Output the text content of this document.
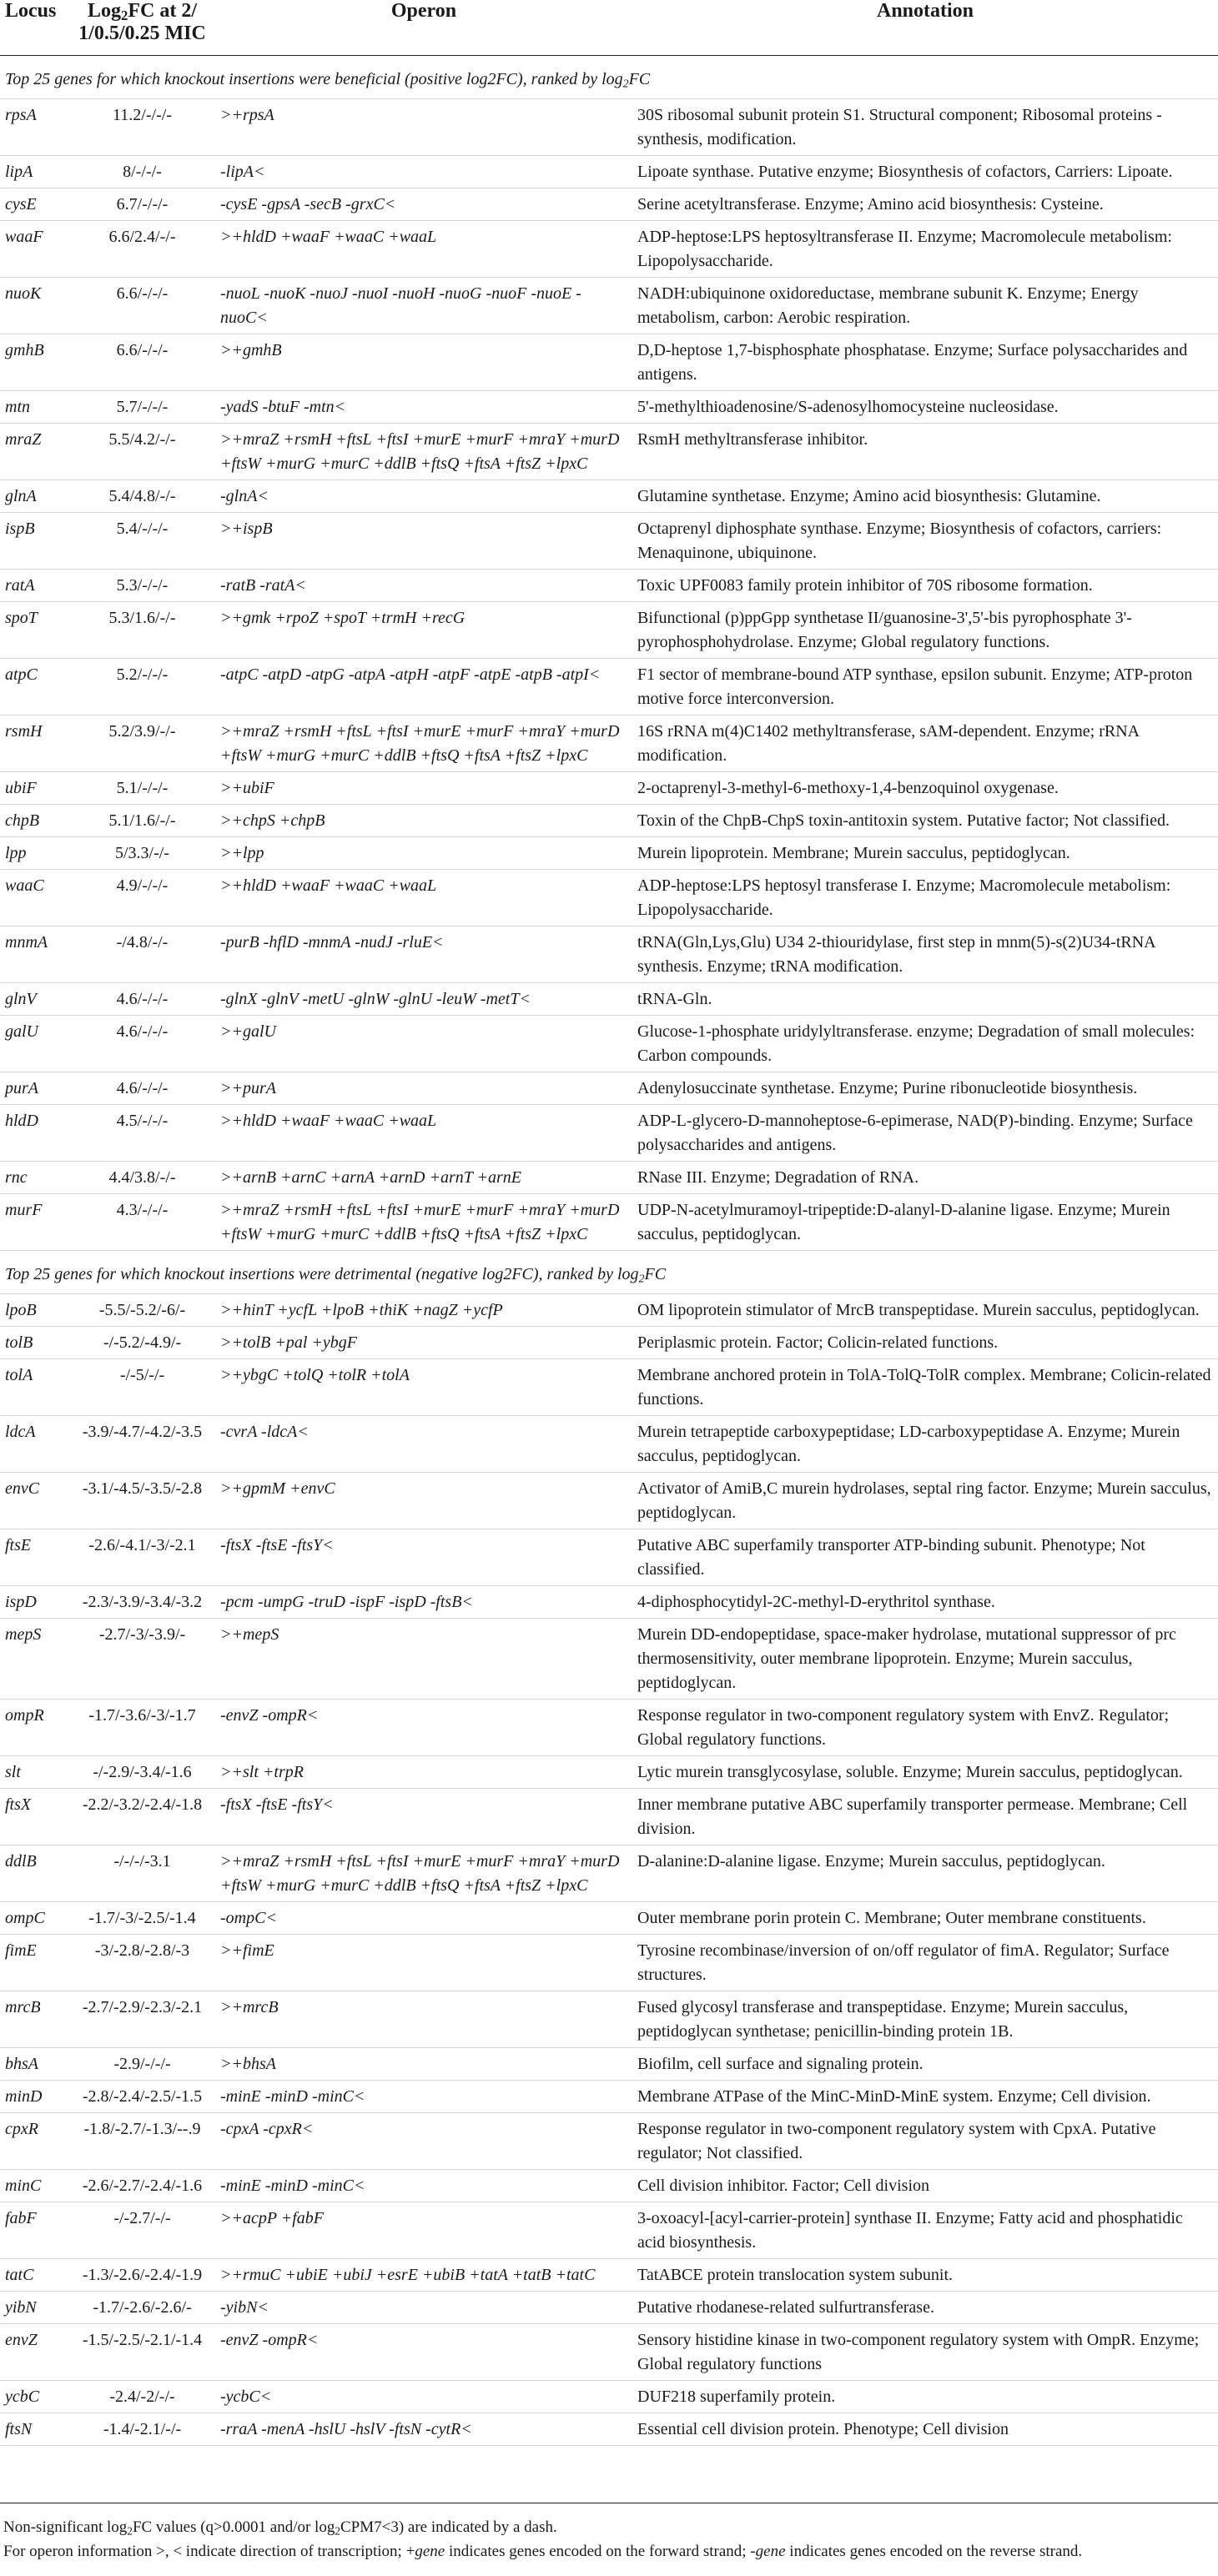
Locus	Log$_2$FC at 2/ 1/0.5/0.25 MIC	Operon	Annotation
Top 25 genes for which knockout insertions were beneficial (positive log2FC), ranked by $\log_2FC$			
rpsA	11.2/-/-/-	>+rpsA	30S ribosomal subunit protein S1. Structural component; Ribosomal proteins - synthesis, modification.
lipA	8/-/-/-	-lipA<	Lipoate synthase. Putative enzyme; Biosynthesis of cofactors, Carriers: Lipoate.
cysE	6.7/-/-/-	-cysE -gpsA -secB -grxC<	Serine acetyltransferase. Enzyme; Amino acid biosynthesis: Cysteine.
waaF	6.6/2.4/-/-	>+hldD +waaF +waaC +waaL	ADP-heptose:LPS heptosyltransferase II. Enzyme; Macromolecule metabolism: Lipopolysaccharide.
nuoK	6.6/-/-/-	-nuoL -nuoK -nuoJ -nuoI -nuoH -nuoG -nuoF -nuoE -nuoC<	NADH:ubiquinone oxidoreductase, membrane subunit K. Enzyme; Energy metabolism, carbon: Aerobic respiration.
gmhB	6.6/-/-/-	>+gmhB	D,D-heptose 1,7-bisphosphate phosphatase. Enzyme; Surface polysaccharides and antigens.
mtn	5.7/-/-/-	-yadS -btuF -mtn<	5'-methylthioadenosine/S-adenosylhomocysteine nucleosidase.
mraZ	5.5/4.2/-/-	>+mraZ +rsmH +ftsL +ftsI +murE +murF +mraY +murD +ftsW +murG +murC +ddlB +ftsQ +ftsA +ftsZ +lpxC	RsmH methyltransferase inhibitor.
glnA	5.4/4.8/-/-	-glnA<	Glutamine synthetase. Enzyme; Amino acid biosynthesis: Glutamine.
ispB	5.4/-/-/-	>+ispB	Octaprenyl diphosphate synthase. Enzyme; Biosynthesis of cofactors, carriers: Menaquinone, ubiquinone.
ratA	5.3/-/-/-	-ratB -ratA<	Toxic UPF0083 family protein inhibitor of 70S ribosome formation.
spoT	5.3/1.6/-/-	>+gmk +rpoZ +spoT +trmH +recG	Bifunctional (p)ppGpp synthetase II/guanosine-3',5'-bis pyrophosphate 3'-pyrophosphohydrolase. Enzyme; Global regulatory functions.
atpC	5.2/-/-/-	-atpC -atpD -atpG -atpA -atpH -atpF -atpE -atpB -atpI<	F1 sector of membrane-bound ATP synthase, epsilon subunit. Enzyme; ATP-proton motive force interconversion.
rsmH	5.2/3.9/-/-	>+mraZ +rsmH +ftsL +ftsI +murE +murF +mraY +murD +ftsW +murG +murC +ddlB +ftsQ +ftsA +ftsZ +lpxC	16S rRNA m(4)C1402 methyltransferase, sAM-dependent. Enzyme; rRNA modification.
ubiF	5.1/-/-/-	>+ubiF	2-octaprenyl-3-methyl-6-methoxy-1,4-benzoquinol oxygenase.
chpB	5.1/1.6/-/-	>+chpS +chpB	Toxin of the ChpB-ChpS toxin-antitoxin system. Putative factor; Not classified.
lpp	5/3.3/-/-	>+lpp	Murein lipoprotein. Membrane; Murein sacculus, peptidoglycan.
waaC	4.9/-/-/-	>+hldD +waaF +waaC +waaL	ADP-heptose:LPS heptosyl transferase I. Enzyme; Macromolecule metabolism: Lipopolysaccharide.
mnmA	-/4.8/-/-	-purB -hflD -mnmA -nudJ -rluE<	tRNA(Gln,Lys,Glu) U34 2-thiouridylase, first step in mnm(5)-s(2)U34-tRNA synthesis. Enzyme; tRNA modification.
glnV	4.6/-/-/-	-glnX -glnV -metU -glnW -glnU -leuW -metT<	tRNA-Gln.
galU	4.6/-/-/-	>+galU	Glucose-1-phosphate uridylyltransferase. enzyme; Degradation of small molecules: Carbon compounds.
purA	4.6/-/-/-	>+purA	Adenylosuccinate synthetase. Enzyme; Purine ribonucleotide biosynthesis.
hldD	4.5/-/-/-	>+hldD +waaF +waaC +waaL	ADP-L-glycero-D-mannoheptose-6-epimerase, NAD(P)-binding. Enzyme; Surface polysaccharides and antigens.
rnc	4.4/3.8/-/-	>+arnB +arnC +arnA +arnD +arnT +arnE	RNase III. Enzyme; Degradation of RNA.
murF	4.3/-/-/-	>+mraZ +rsmH +ftsL +ftsI +murE +murF +mraY +murD +ftsW +murG +murC +ddlB +ftsQ +ftsA +ftsZ +lpxC	UDP-N-acetylmuramoyl-tripeptide:D-alanyl-D-alanine ligase. Enzyme; Murein sacculus, peptidoglycan.
Top 25 genes for which knockout insertions were detrimental (negative log2FC), ranked by $\log_2FC$			
lpoB	-5.5/-5.2/-6/-	>+hinT +ycfL +lpoB +thiK +nagZ +ycfP	OM lipoprotein stimulator of MrcB transpeptidase. Murein sacculus, peptidoglycan.
tolB	-/-5.2/-4.9/-	>+tolB +pal +ybgF	Periplasmic protein. Factor; Colicin-related functions.
tolA	-/-5/-/-	>+ybgC +tolQ +tolR +tolA	Membrane anchored protein in TolA-TolQ-TolR complex. Membrane; Colicin-related functions.
ldcA	-3.9/-4.7/-4.2/-3.5	-cvrA -ldcA<	Murein tetrapeptide carboxypeptidase; LD-carboxypeptidase A. Enzyme; Murein sacculus, peptidoglycan.
envC	-3.1/-4.5/-3.5/-2.8	>+gpmM +envC	Activator of AmiB,C murein hydrolases, septal ring factor. Enzyme; Murein sacculus, peptidoglycan.
ftsE	-2.6/-4.1/-3/-2.1	-ftsX -ftsE -ftsY<	Putative ABC superfamily transporter ATP-binding subunit. Phenotype; Not classified.
ispD	-2.3/-3.9/-3.4/-3.2	-pcm -umpG -truD -ispF -ispD -ftsB<	4-diphosphocytidyl-2C-methyl-D-erythritol synthase.
mepS	-2.7/-3/-3.9/-	>+mepS	Murein DD-endopeptidase, space-maker hydrolase, mutational suppressor of prc thermosensitivity, outer membrane lipoprotein. Enzyme; Murein sacculus, peptidoglycan.
ompR	-1.7/-3.6/-3/-1.7	-envZ -ompR<	Response regulator in two-component regulatory system with EnvZ. Regulator; Global regulatory functions.
slt	-/-2.9/-3.4/-1.6	>+slt +trpR	Lytic murein transglycosylase, soluble. Enzyme; Murein sacculus, peptidoglycan.
ftsX	-2.2/-3.2/-2.4/-1.8	-ftsX -ftsE -ftsY<	Inner membrane putative ABC superfamily transporter permease. Membrane; Cell division.
ddlB	-/-/-/-3.1	>+mraZ +rsmH +ftsL +ftsI +murE +murF +mraY +murD +ftsW +murG +murC +ddlB +ftsQ +ftsA +ftsZ +lpxC	D-alanine:D-alanine ligase. Enzyme; Murein sacculus, peptidoglycan.
ompC	-1.7/-3/-2.5/-1.4	-ompC<	Outer membrane porin protein C. Membrane; Outer membrane constituents.
fimE	-3/-2.8/-2.8/-3	>+fimE	Tyrosine recombinase/inversion of on/off regulator of fimA. Regulator; Surface structures.
mrcB	-2.7/-2.9/-2.3/-2.1	>+mrcB	Fused glycosyl transferase and transpeptidase. Enzyme; Murein sacculus, peptidoglycan synthetase; penicillin-binding protein 1B.
bhsA	-2.9/-/-/-	>+bhsA	Biofilm, cell surface and signaling protein.
minD	-2.8/-2.4/-2.5/-1.5	-minE -minD -minC<	Membrane ATPase of the MinC-MinD-MinE system. Enzyme; Cell division.
cpxR	-1.8/-2.7/-1.3/--.9	-cpxA -cpxR<	Response regulator in two-component regulatory system with CpxA. Putative regulator; Not classified.
minC	-2.6/-2.7/-2.4/-1.6	-minE -minD -minC<	Cell division inhibitor. Factor; Cell division
fabF	-/-2.7/-/-	>+acpP +fabF	3-oxoacyl-[acyl-carrier-protein] synthase II. Enzyme; Fatty acid and phosphatidic acid biosynthesis.
tatC	-1.3/-2.6/-2.4/-1.9	>+rmuC +ubiE +ubiJ +esrE +ubiB +tatA +tatB +tatC	TatABCE protein translocation system subunit.
yibN	-1.7/-2.6/-2.6/-	-yibN<	Putative rhodanese-related sulfurtransferase.
envZ	-1.5/-2.5/-2.1/-1.4	-envZ -ompR<	Sensory histidine kinase in two-component regulatory system with OmpR. Enzyme; Global regulatory functions
ycbC	-2.4/-2/-/-	-ycbC<	DUF218 superfamily protein.
ftsN	-1.4/-2.1/-/-	-rraA -menA -hslU -hslV -ftsN -cytR<	Essential cell division protein. Phenotype; Cell division

Non-significant $\log_2FC$ values (q>0.0001 and/or $\log_2CPM7<3$) are indicated by a dash.

For operon information >, < indicate direction of transcription; +gene indicates genes encoded on the forward strand; -gene indicates genes encoded on the reverse strand.
